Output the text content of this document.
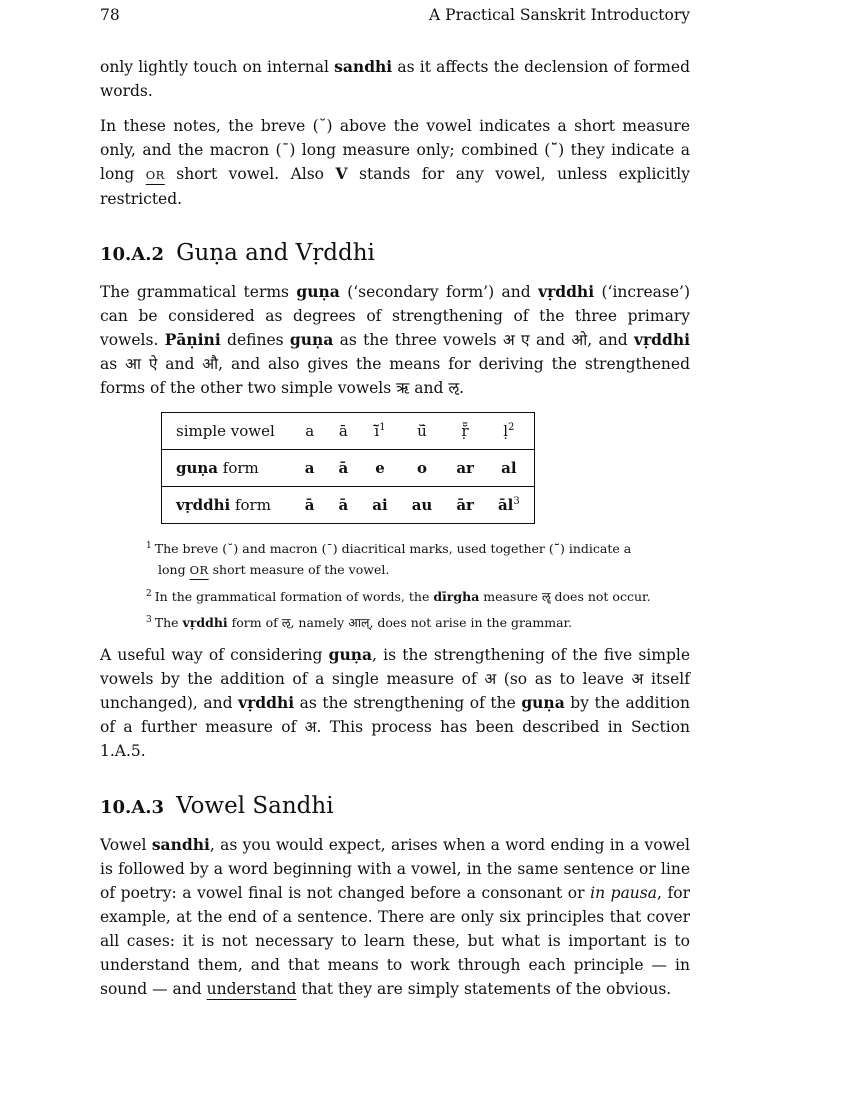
78	A Practical Sanskrit Introductory

only lightly touch on internal sandhi as it affects the declension of formed words.

In these notes, the breve (˘) above the vowel indicates a short measure only, and the macron (¯) long measure only; combined (˘̄) they indicate a long OR short vowel. Also V stands for any vowel, unless explicitly restricted.

10.A.2 Guṇa and Vṛddhi

The grammatical terms guṇa (‘secondary form’) and vṛddhi (‘increase’) can be considered as degrees of strengthening of the three primary vowels. Pāṇini defines guṇa as the three vowels अ ए and ओ, and vṛddhi as आ ऐ and औ, and also gives the means for deriving the strengthened forms of the other two simple vowels ऋ and ऌ.

simple vowel	a	ā	ĭ̄$^1$	ŭ̄	ṛ̆̄	ḷ$^2$
guṇa form	a	ā	e	o	ar	al
vṛddhi form	ā	ā	ai	au	ār	$āl^3$
$^1$ The breve (˘) and macron (¯) diacritical marks, used together (˘̄) indicate a
long OR short measure of the vowel.
$^2$ In the grammatical formation of words, the dīrgha measure ॡ does not occur.
$^3$ The vṛddhi form of ऌ, namely आल्, does not arise in the grammar.

A useful way of considering guṇa, is the strengthening of the five simple vowels by the addition of a single measure of अ (so as to leave अ itself unchanged), and vṛddhi as the strengthening of the guṇa by the addition of a further measure of अ. This process has been described in Section 1.A.5.

10.A.3 Vowel Sandhi

Vowel sandhi, as you would expect, arises when a word ending in a vowel is followed by a word beginning with a vowel, in the same sentence or line of poetry: a vowel final is not changed before a consonant or in pausa, for example, at the end of a sentence. There are only six principles that cover all cases: it is not necessary to learn these, but what is important is to understand them, and that means to work through each principle — in sound — and understand that they are simply statements of the obvious.
